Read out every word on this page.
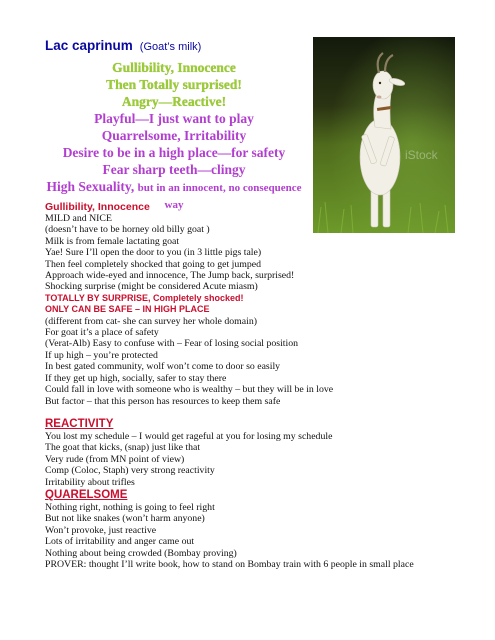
Lac caprinum (Goat’s milk)
Gullibility, Innocence
Then Totally surprised!
Angry—Reactive!
Playful—I just want to play
Quarrelsome, Irritability
Desire to be in a high place—for safety
Fear sharp teeth—clingy
High Sexuality, but in an innocent, no consequence
way
iStock
Gullibility, Innocence
MILD and NICE
(doesn’t have to be horney old billy goat )
Milk is from female lactating goat
Yae! Sure I’ll open the door to you (in 3 little pigs tale)
Then feel completely shocked that going to get jumped
Approach wide-eyed and innocence, The Jump back, surprised!
Shocking surprise (might be considered Acute miasm)
TOTALLY BY SURPRISE, Completely shocked!
ONLY CAN BE SAFE – IN HIGH PLACE
(different from cat- she can survey her whole domain)
For goat it’s a place of safety
(Verat-Alb) Easy to confuse with – Fear of losing social position
If up high – you’re protected
In best gated community, wolf won’t come to door so easily
If they get up high, socially, safer to stay there
Could fall in love with someone who is wealthy – but they will be in love
But factor – that this person has resources to keep them safe
REACTIVITY
You lost my schedule – I would get rageful at you for losing my schedule
The goat that kicks, (snap) just like that
Very rude (from MN point of view)
Comp (Coloc, Staph) very strong reactivity
Irritability about trifles
QUARELSOME
Nothing right, nothing is going to feel right
But not like snakes (won’t harm anyone)
Won’t provoke, just reactive
Lots of irritability and anger came out
Nothing about being crowded (Bombay proving)
PROVER: thought I’ll write book, how to stand on Bombay train with 6 people in small place
